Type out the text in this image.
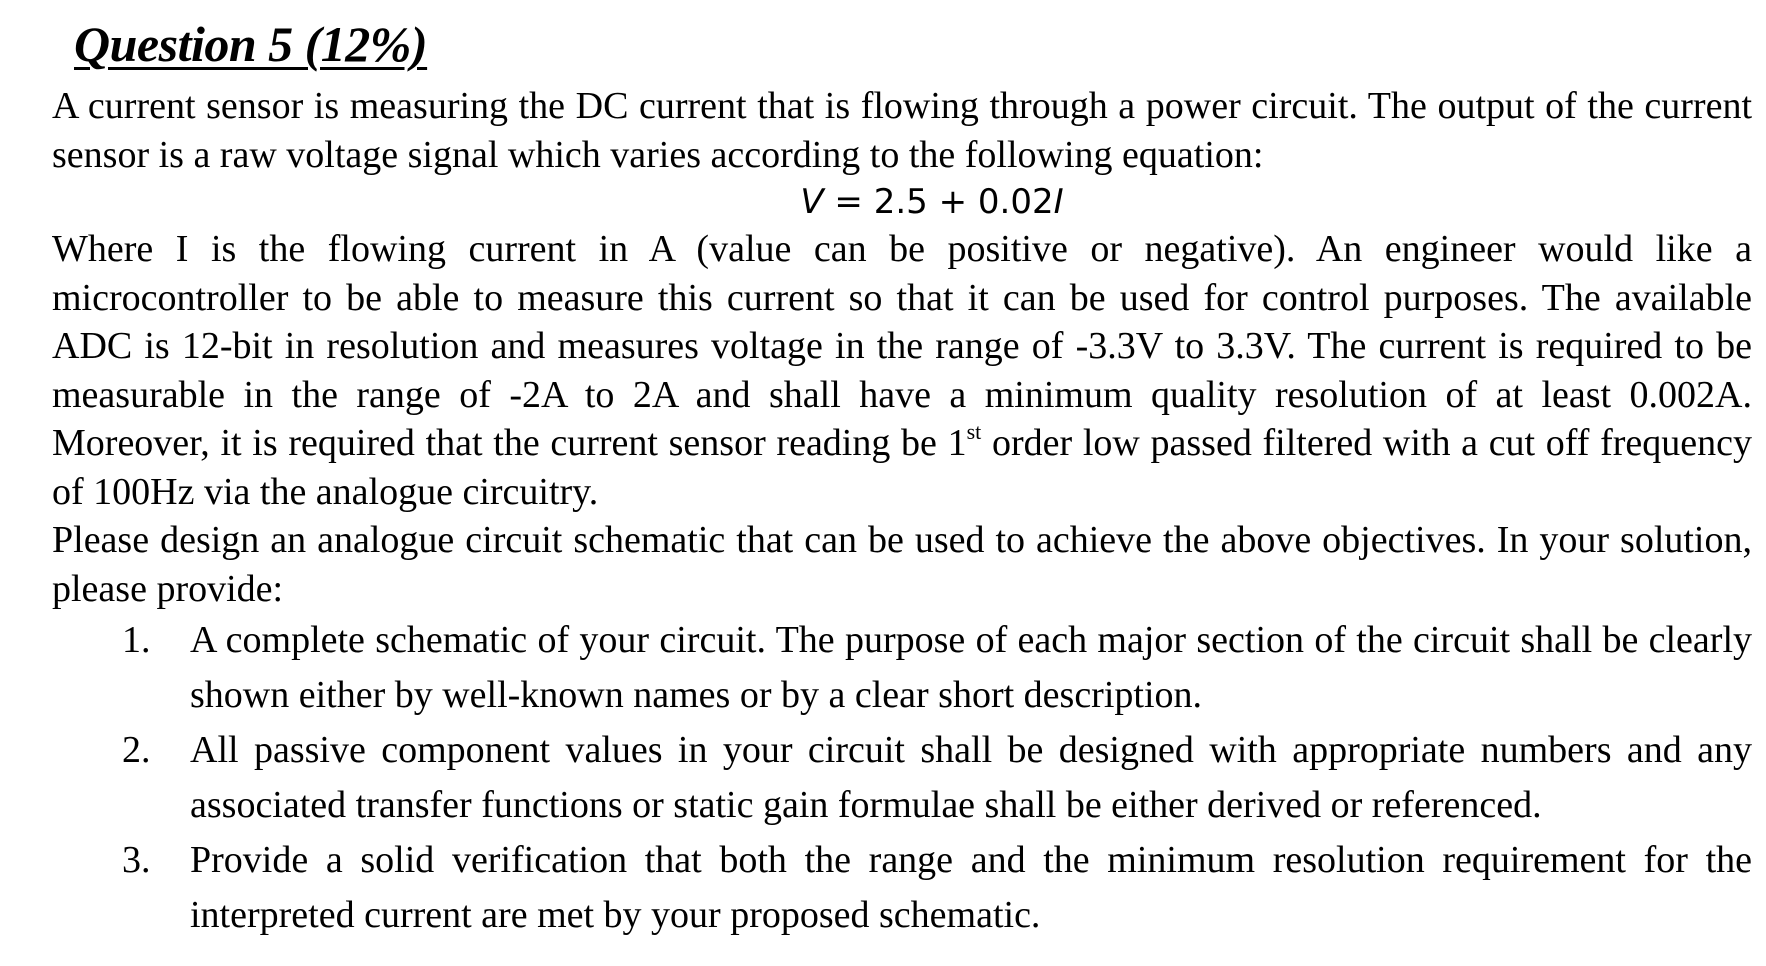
Question 5 (12%)

A current sensor is measuring the DC current that is flowing through a power circuit. The output of the current sensor is a raw voltage signal which varies according to the following equation:

V = 2.5 + 0.02I

Where I is the flowing current in A (value can be positive or negative). An engineer would like a microcontroller to be able to measure this current so that it can be used for control purposes. The available ADC is 12-bit in resolution and measures voltage in the range of -3.3V to 3.3V. The current is required to be measurable in the range of -2A to 2A and shall have a minimum quality resolution of at least 0.002A. Moreover, it is required that the current sensor reading be 1st order low passed filtered with a cut off frequency of 100Hz via the analogue circuitry.

Please design an analogue circuit schematic that can be used to achieve the above objectives. In your solution, please provide:

1. A complete schematic of your circuit. The purpose of each major section of the circuit shall be clearly shown either by well-known names or by a clear short description.
2. All passive component values in your circuit shall be designed with appropriate numbers and any associated transfer functions or static gain formulae shall be either derived or referenced.
3. Provide a solid verification that both the range and the minimum resolution requirement for the interpreted current are met by your proposed schematic.
